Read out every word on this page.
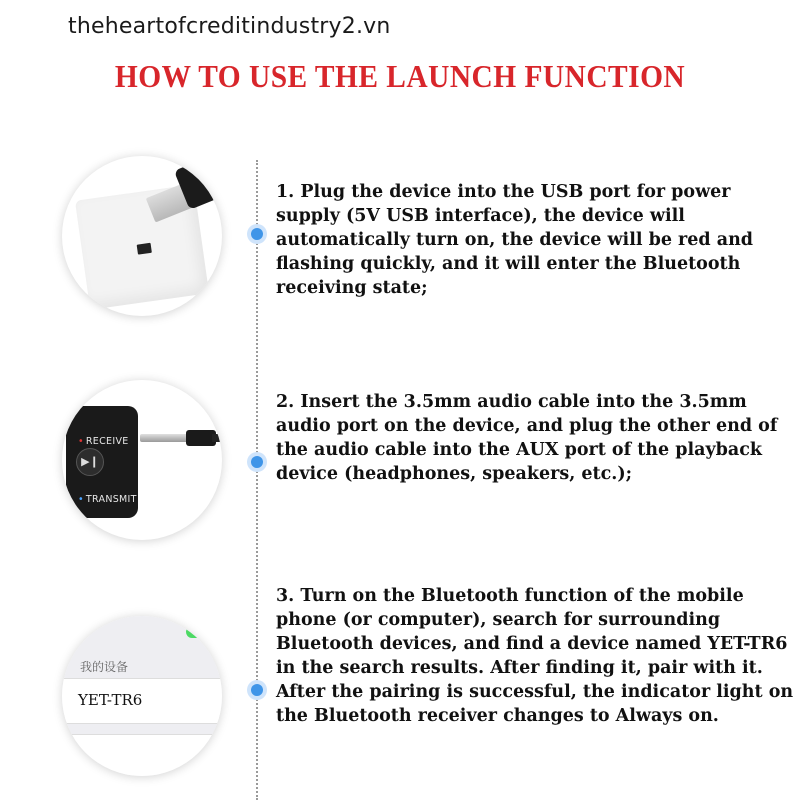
theheartofcreditindustry2.vn
HOW TO USE THE LAUNCH FUNCTION
1. Plug the device into the USB port for power supply (5V USB interface), the device will automatically turn on, the device will be red and flashing quickly, and it will enter the Bluetooth receiving state;
• RECEIVE
▶❙
• TRANSMIT
2. Insert the 3.5mm audio cable into the 3.5mm audio port on the device, and plug the other end of the audio cable into the AUX port of the playback device (headphones, speakers, etc.);
我的设备
YET-TR6
3. Turn on the Bluetooth function of the mobile phone (or computer), search for surrounding Bluetooth devices, and find a device named YET-TR6 in the search results. After finding it, pair with it. After the pairing is successful, the indicator light on the Bluetooth receiver changes to Always on.
